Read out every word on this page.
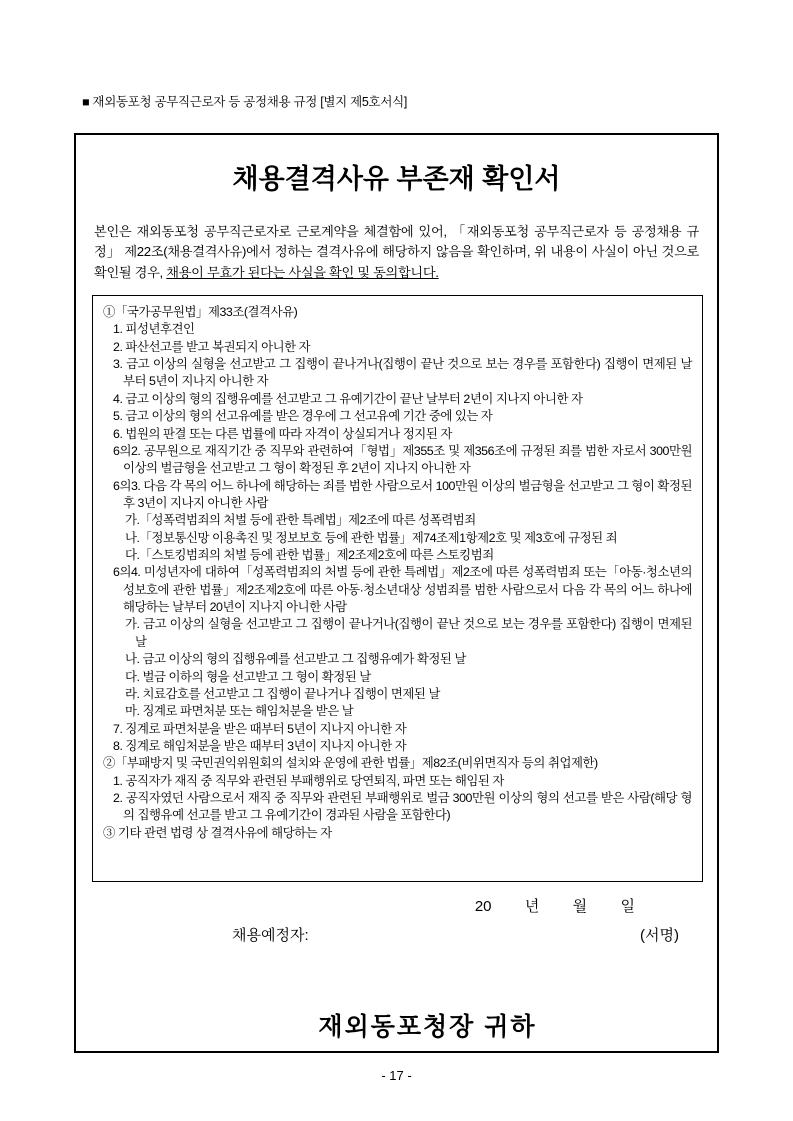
■ 재외동포청 공무직근로자 등 공정채용 규정 [별지 제5호서식]
채용결격사유 부존재 확인서
본인은 재외동포청 공무직근로자로 근로계약을 체결함에 있어, 「재외동포청 공무직근로자 등 공정채용 규정」 제22조(채용결격사유)에서 정하는 결격사유에 해당하지 않음을 확인하며, 위 내용이 사실이 아닌 것으로 확인될 경우, 채용이 무효가 된다는 사실을 확인 및 동의합니다.
①「국가공무원법」제33조(결격사유)
1. 피성년후견인
2. 파산선고를 받고 복권되지 아니한 자
3. 금고 이상의 실형을 선고받고 그 집행이 끝나거나(집행이 끝난 것으로 보는 경우를 포함한다) 집행이 면제된 날부터 5년이 지나지 아니한 자
4. 금고 이상의 형의 집행유예를 선고받고 그 유예기간이 끝난 날부터 2년이 지나지 아니한 자
5. 금고 이상의 형의 선고유예를 받은 경우에 그 선고유예 기간 중에 있는 자
6. 법원의 판결 또는 다른 법률에 따라 자격이 상실되거나 정지된 자
6의2. 공무원으로 재직기간 중 직무와 관련하여「형법」제355조 및 제356조에 규정된 죄를 범한 자로서 300만원 이상의 벌금형을 선고받고 그 형이 확정된 후 2년이 지나지 아니한 자
6의3. 다음 각 목의 어느 하나에 해당하는 죄를 범한 사람으로서 100만원 이상의 벌금형을 선고받고 그 형이 확정된 후 3년이 지나지 아니한 사람
가.「성폭력범죄의 처벌 등에 관한 특례법」제2조에 따른 성폭력범죄
나.「정보통신망 이용촉진 및 정보보호 등에 관한 법률」제74조제1항제2호 및 제3호에 규정된 죄
다.「스토킹범죄의 처벌 등에 관한 법률」제2조제2호에 따른 스토킹범죄
6의4. 미성년자에 대하여「성폭력범죄의 처벌 등에 관한 특례법」제2조에 따른 성폭력범죄 또는「아동·청소년의 성보호에 관한 법률」제2조제2호에 따른 아동·청소년대상 성범죄를 범한 사람으로서 다음 각 목의 어느 하나에 해당하는 날부터 20년이 지나지 아니한 사람
가. 금고 이상의 실형을 선고받고 그 집행이 끝나거나(집행이 끝난 것으로 보는 경우를 포함한다) 집행이 면제된 날
나. 금고 이상의 형의 집행유예를 선고받고 그 집행유예가 확정된 날
다. 벌금 이하의 형을 선고받고 그 형이 확정된 날
라. 치료감호를 선고받고 그 집행이 끝나거나 집행이 면제된 날
마. 징계로 파면처분 또는 해임처분을 받은 날
7. 징계로 파면처분을 받은 때부터 5년이 지나지 아니한 자
8. 징계로 해임처분을 받은 때부터 3년이 지나지 아니한 자
②「부패방지 및 국민권익위원회의 설치와 운영에 관한 법률」제82조(비위면직자 등의 취업제한)
1. 공직자가 재직 중 직무와 관련된 부패행위로 당연퇴직, 파면 또는 해임된 자
2. 공직자였던 사람으로서 재직 중 직무와 관련된 부패행위로 벌금 300만원 이상의 형의 선고를 받은 사람(해당 형의 집행유예 선고를 받고 그 유예기간이 경과된 사람을 포함한다)
③ 기타 관련 법령 상 결격사유에 해당하는 자
20        년        월        일
채용예정자:	(서명)
재외동포청장 귀하
- 17 -
